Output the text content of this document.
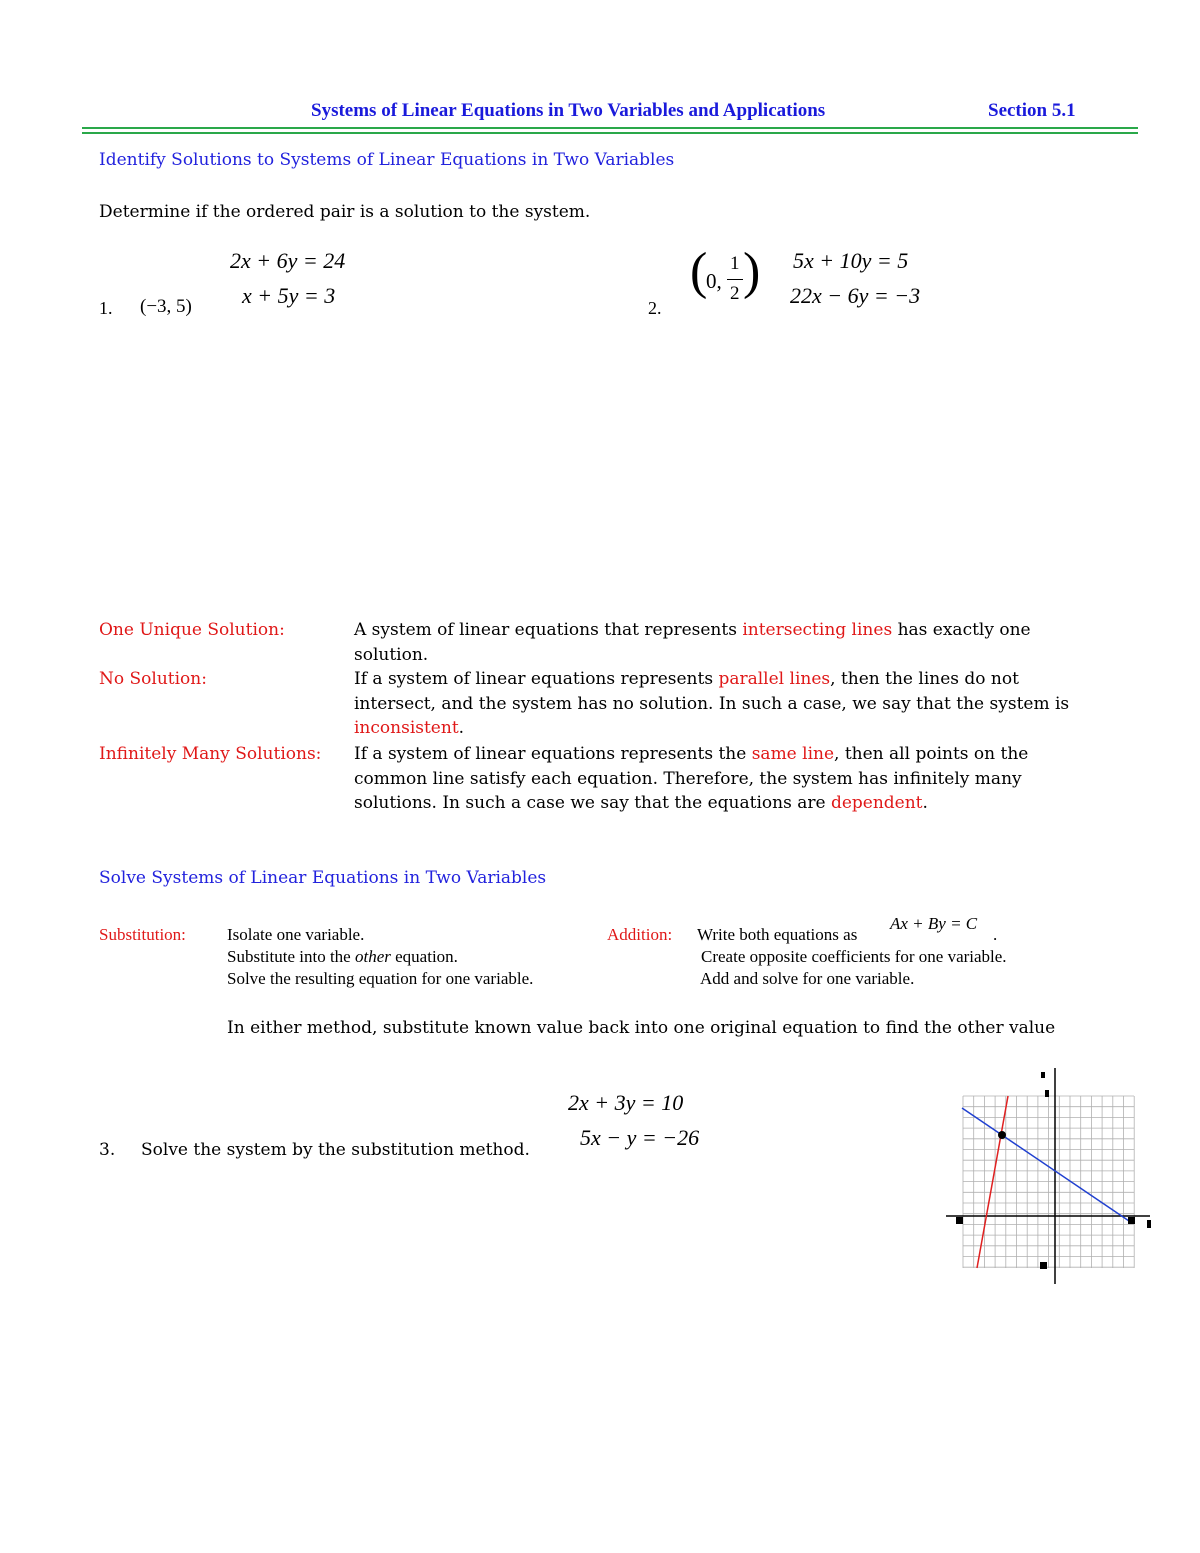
Systems of Linear Equations in Two Variables and Applications	Section 5.1
Identify Solutions to Systems of Linear Equations in Two Variables
Determine if the ordered pair is a solution to the system.
1. (−3, 5)
2x + 6y = 24
x + 5y = 3	2.
(
0,
1
2 ) 5x + 10y = 5
22x − 6y = −3
One Unique Solution:	A system of linear equations that represents intersecting lines has exactly one solution.
No Solution:	If a system of linear equations represents parallel lines, then the lines do not intersect, and the system has no solution. In such a case, we say that the system is inconsistent.
Infinitely Many Solutions: If a system of linear equations represents the same line, then all points on the common line satisfy each equation. Therefore, the system has infinitely many solutions. In such a case we say that the equations are dependent.
Solve Systems of Linear Equations in Two Variables
Substitution: Isolate one variable.
Substitute into the other equation.
Solve the resulting equation for one variable.
Addition: Write both equations as
Ax + By = C
.
Create opposite coefficients for one variable.
Add and solve for one variable.
In either method, substitute known value back into one original equation to find the other value
3. Solve the system by the substitution method.
2x + 3y = 10
5x − y = −26
